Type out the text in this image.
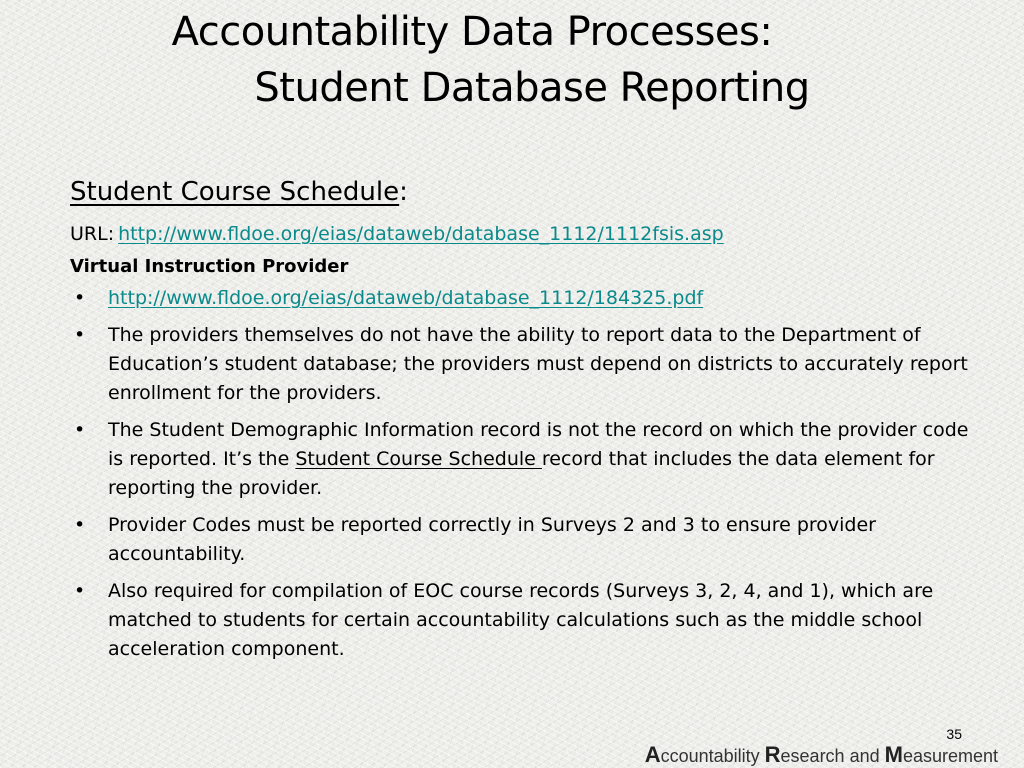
Accountability Data Processes:
Student Database Reporting

Student Course Schedule:

URL: http://www.fldoe.org/eias/dataweb/database_1112/1112fsis.asp

Virtual Instruction Provider

• http://www.fldoe.org/eias/dataweb/database_1112/184325.pdf
• The providers themselves do not have the ability to report data to the Department of Education’s student database; the providers must depend on districts to accurately report enrollment for the providers.
• The Student Demographic Information record is not the record on which the provider code is reported. It’s the Student Course Schedule record that includes the data element for reporting the provider.
• Provider Codes must be reported correctly in Surveys 2 and 3 to ensure provider accountability.
• Also required for compilation of EOC course records (Surveys 3, 2, 4, and 1), which are matched to students for certain accountability calculations such as the middle school acceleration component.
35
Accountability Research and Measurement
